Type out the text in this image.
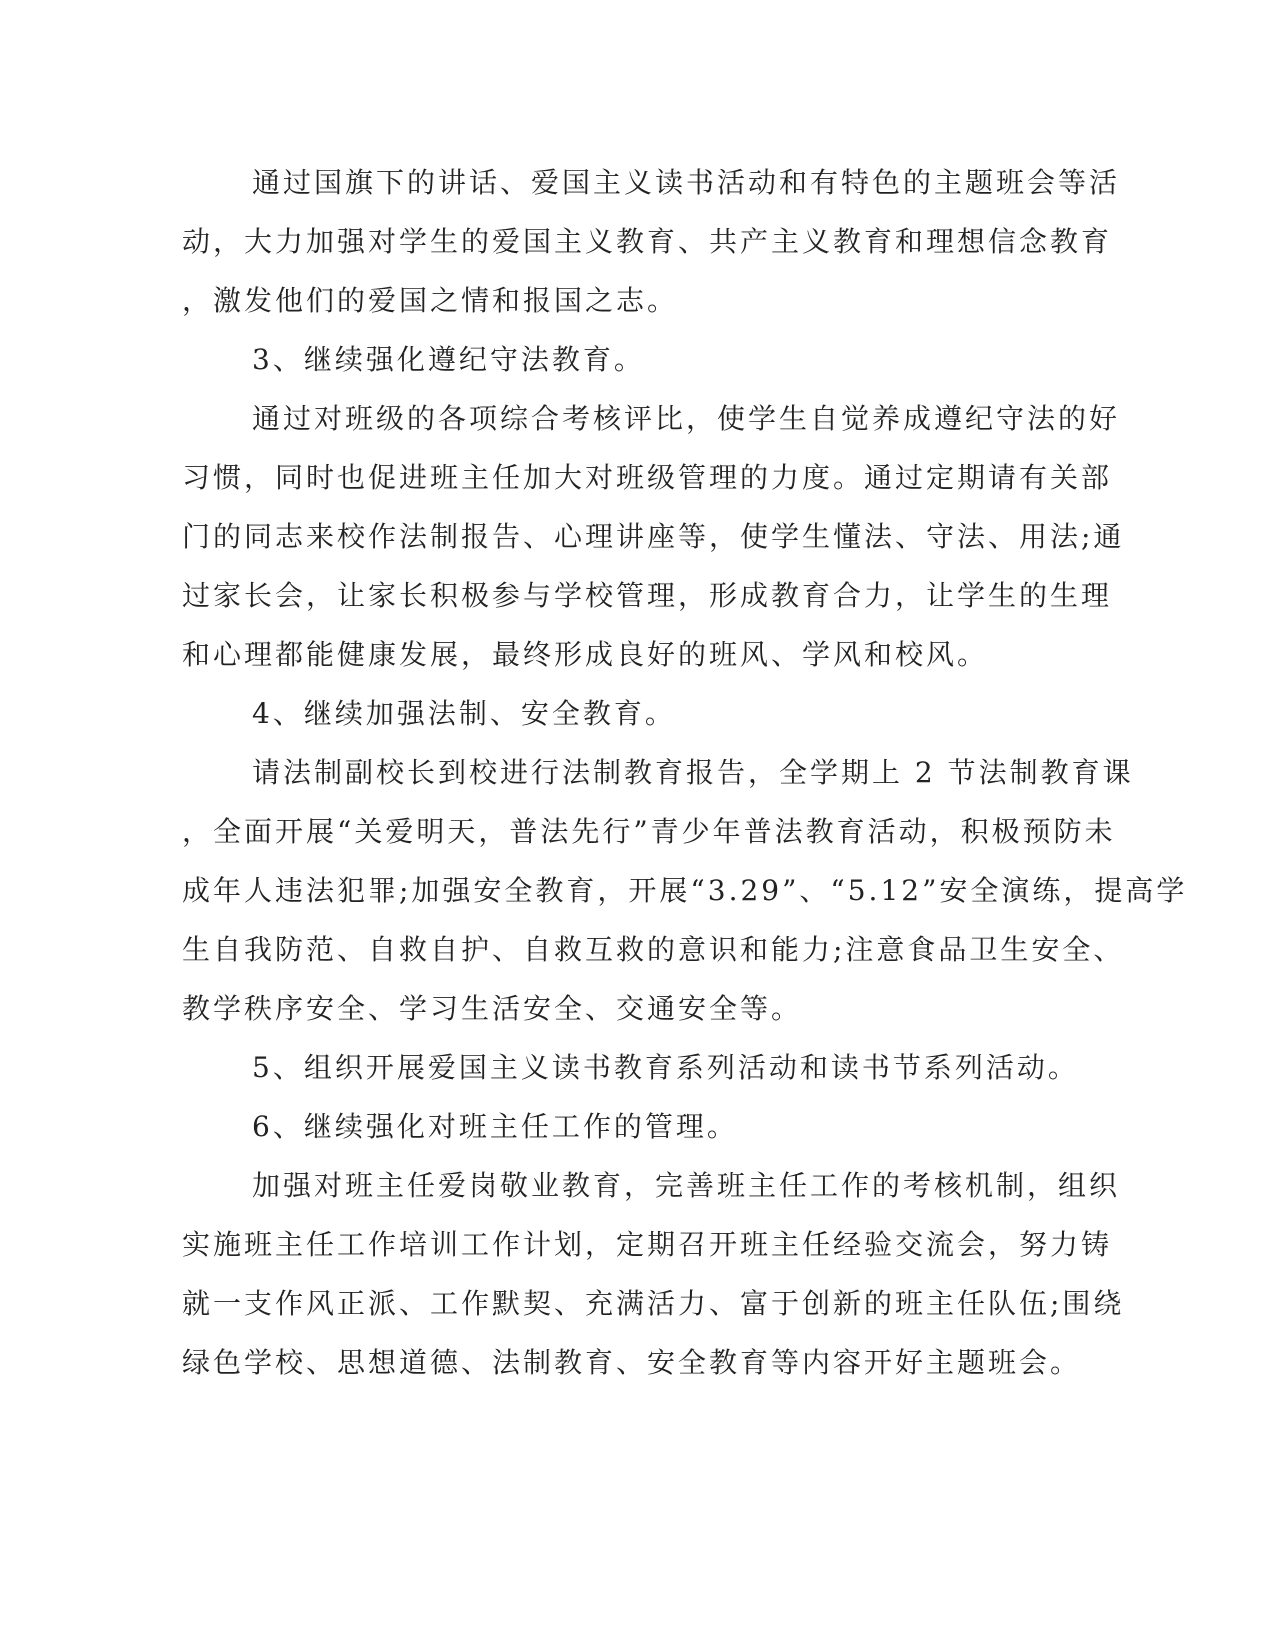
通过国旗下的讲话、爱国主义读书活动和有特色的主题班会等活
动，大力加强对学生的爱国主义教育、共产主义教育和理想信念教育
，激发他们的爱国之情和报国之志。
3、继续强化遵纪守法教育。
通过对班级的各项综合考核评比，使学生自觉养成遵纪守法的好
习惯，同时也促进班主任加大对班级管理的力度。通过定期请有关部
门的同志来校作法制报告、心理讲座等，使学生懂法、守法、用法;通
过家长会，让家长积极参与学校管理，形成教育合力，让学生的生理
和心理都能健康发展，最终形成良好的班风、学风和校风。
4、继续加强法制、安全教育。
请法制副校长到校进行法制教育报告，全学期上 2 节法制教育课
，全面开展“关爱明天，普法先行”青少年普法教育活动，积极预防未
成年人违法犯罪;加强安全教育，开展“3.29”、“5.12”安全演练，提高学
生自我防范、自救自护、自救互救的意识和能力;注意食品卫生安全、
教学秩序安全、学习生活安全、交通安全等。
5、组织开展爱国主义读书教育系列活动和读书节系列活动。
6、继续强化对班主任工作的管理。
加强对班主任爱岗敬业教育，完善班主任工作的考核机制，组织
实施班主任工作培训工作计划，定期召开班主任经验交流会，努力铸
就一支作风正派、工作默契、充满活力、富于创新的班主任队伍;围绕
绿色学校、思想道德、法制教育、安全教育等内容开好主题班会。
